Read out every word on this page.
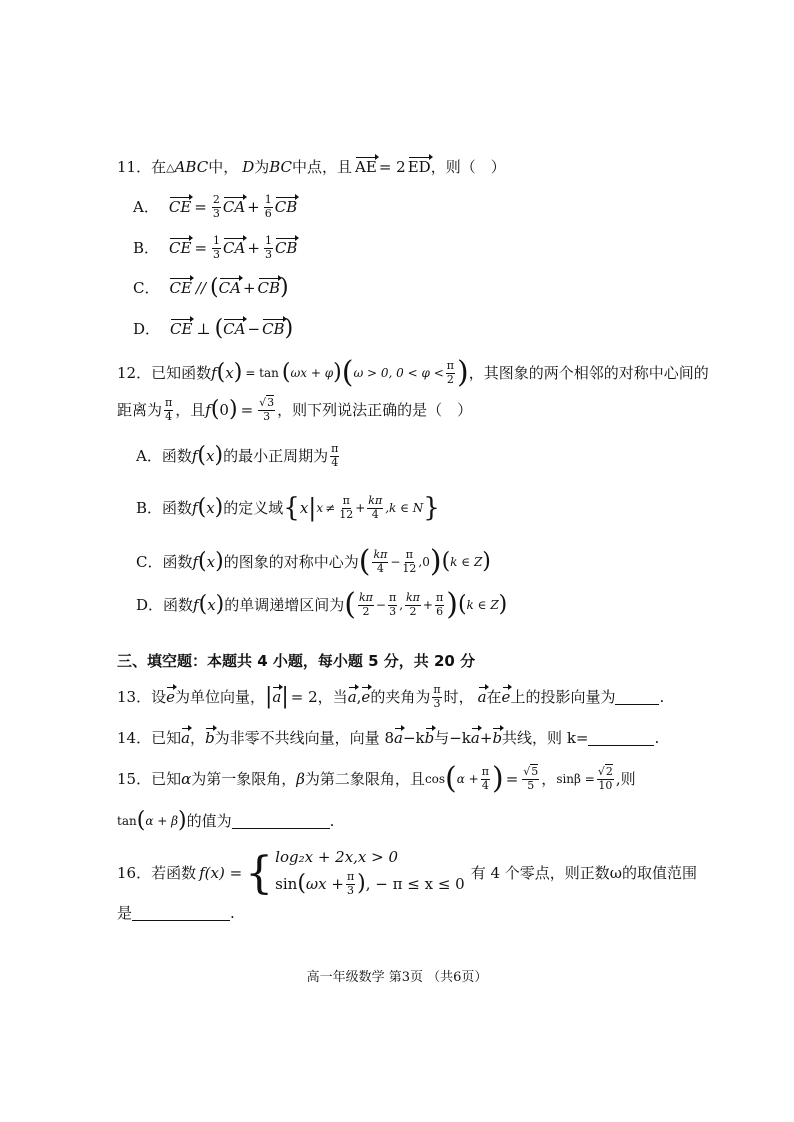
11．在 △ ABC 中， D 为 BC 中点，且 AE = 2 ED ，则（　）
A． CE = $\frac{2}{3}$ CA + $\frac{1}{6}$ CB
B． CE = $\frac{1}{3}$ CA + $\frac{1}{3}$ CB
C． CE // ( CA + CB )
D． CE ⊥ ( CA − CB )
12．已知函数 f ( x ) = tan ( ωx + φ ) ( ω > 0, $0 < \varphi < \frac{\pi}{2}$ ) ，其图象的两个相邻的对称中心间的
距离为 $\frac{\pi}{4}$ ，且 f ( 0 ) = $\frac{√3}{3}$ ，则下列说法正确的是（　）
A．函数 f ( x ) 的最小正周期为 $\frac{\pi}{4}$
B．函数 f ( x ) 的定义域 { x | $x \ne \frac{\pi}{12} + \frac{k\pi}{4} ,k$ ∈ N }
C．函数 f ( x ) 的图象的对称中心为 ( $\frac{k\pi}{4} - \frac{\pi}{12} ,0$ ) ( k ∈ Z )
D．函数 f ( x ) 的单调递增区间为 ( $\frac{k\pi}{2} - \frac{\pi}{3}$ , $\frac{k\pi}{2} + \frac{\pi}{6}$ ) ( k ∈ Z )
三、填空题：本题共 4 小题，每小题 5 分，共 20 分
13．设 e 为单位向量， | a | = 2，当 a , e 的夹角为 $\frac{\pi}{3}$ 时， a 在 e 上的投影向量为	.
14．已知 a ， b 为非零不共线向量，向量 8 a −k b 与−k a + b 共线，则 k=	.
15．已知 α 为第一象限角， β 为第二象限角，且 cos ( $\alpha + \frac{\pi}{4}$ ) = $\frac{√5}{5}$ ， $\sin\beta = \frac{√2}{10}$ ,则
tan ( α + β ) 的值为	.
16．若函数 f(x) = { log₂x + 2x,x > 0
sin ( $\omega x + \frac{\pi}{3}$ ) , − π ≤ x ≤ 0
有 4 个零点，则正数ω的取值范围
是	.
高一年级数学 第3页 （共6页）
